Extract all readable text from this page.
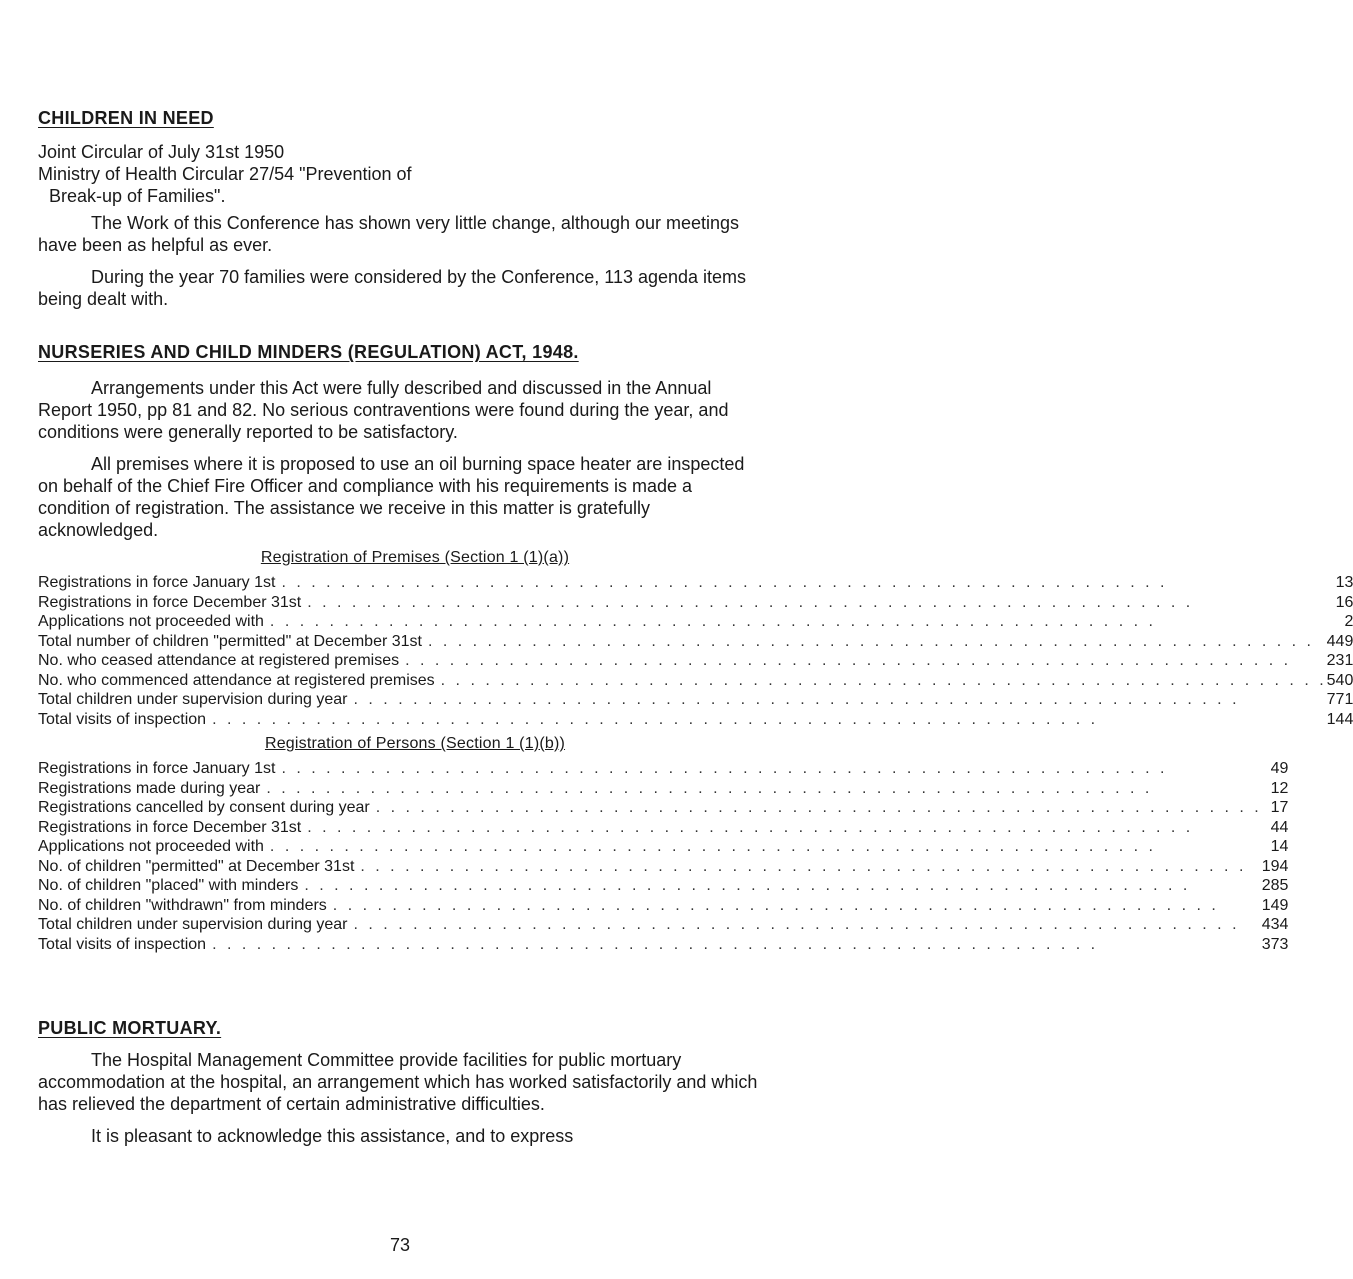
CHILDREN IN NEED
Joint Circular of July 31st 1950
Ministry of Health Circular 27/54 "Prevention of
Break-up of Families".

The Work of this Conference has shown very little change, although our meetings have been as helpful as ever.

During the year 70 families were considered by the Conference, 113 agenda items being dealt with.

NURSERIES AND CHILD MINDERS (REGULATION) ACT, 1948.

Arrangements under this Act were fully described and discussed in the Annual Report 1950, pp 81 and 82. No serious contraventions were found during the year, and conditions were generally reported to be satisfactory.

All premises where it is proposed to use an oil burning space heater are inspected on behalf of the Chief Fire Officer and compliance with his requirements is made a condition of registration. The assistance we receive in this matter is gratefully acknowledged.

Registration of Premises (Section 1 (1)(a))
Registrations in force January 1st . . . . . . . . . . . . . . . . . . . . . . . . . . . . . . . . . . . . . . . . . . . . . . . . . . . . . . . . . . . .	13
Registrations in force December 31st . . . . . . . . . . . . . . . . . . . . . . . . . . . . . . . . . . . . . . . . . . . . . . . . . . . . . . . . . . . .	16
Applications not proceeded with . . . . . . . . . . . . . . . . . . . . . . . . . . . . . . . . . . . . . . . . . . . . . . . . . . . . . . . . . . . .	2
Total number of children "permitted" at December 31st . . . . . . . . . . . . . . . . . . . . . . . . . . . . . . . . . . . . . . . . . . . . . . . . . . . . . . . . . . . .	449
No. who ceased attendance at registered premises . . . . . . . . . . . . . . . . . . . . . . . . . . . . . . . . . . . . . . . . . . . . . . . . . . . . . . . . . . . .	231
No. who commenced attendance at registered premises . . . . . . . . . . . . . . . . . . . . . . . . . . . . . . . . . . . . . . . . . . . . . . . . . . . . . . . . . . . .	540
Total children under supervision during year . . . . . . . . . . . . . . . . . . . . . . . . . . . . . . . . . . . . . . . . . . . . . . . . . . . . . . . . . . . .	771
Total visits of inspection . . . . . . . . . . . . . . . . . . . . . . . . . . . . . . . . . . . . . . . . . . . . . . . . . . . . . . . . . . . .	144
Registration of Persons (Section 1 (1)(b))
Registrations in force January 1st . . . . . . . . . . . . . . . . . . . . . . . . . . . . . . . . . . . . . . . . . . . . . . . . . . . . . . . . . . . .	49
Registrations made during year . . . . . . . . . . . . . . . . . . . . . . . . . . . . . . . . . . . . . . . . . . . . . . . . . . . . . . . . . . . .	12
Registrations cancelled by consent during year . . . . . . . . . . . . . . . . . . . . . . . . . . . . . . . . . . . . . . . . . . . . . . . . . . . . . . . . . . . .	17
Registrations in force December 31st . . . . . . . . . . . . . . . . . . . . . . . . . . . . . . . . . . . . . . . . . . . . . . . . . . . . . . . . . . . .	44
Applications not proceeded with . . . . . . . . . . . . . . . . . . . . . . . . . . . . . . . . . . . . . . . . . . . . . . . . . . . . . . . . . . . .	14
No. of children "permitted" at December 31st . . . . . . . . . . . . . . . . . . . . . . . . . . . . . . . . . . . . . . . . . . . . . . . . . . . . . . . . . . . .	194
No. of children "placed" with minders . . . . . . . . . . . . . . . . . . . . . . . . . . . . . . . . . . . . . . . . . . . . . . . . . . . . . . . . . . . .	285
No. of children "withdrawn" from minders . . . . . . . . . . . . . . . . . . . . . . . . . . . . . . . . . . . . . . . . . . . . . . . . . . . . . . . . . . . .	149
Total children under supervision during year . . . . . . . . . . . . . . . . . . . . . . . . . . . . . . . . . . . . . . . . . . . . . . . . . . . . . . . . . . . .	434
Total visits of inspection . . . . . . . . . . . . . . . . . . . . . . . . . . . . . . . . . . . . . . . . . . . . . . . . . . . . . . . . . . . .	373
PUBLIC MORTUARY.

The Hospital Management Committee provide facilities for public mortuary accommodation at the hospital, an arrangement which has worked satisfactorily and which has relieved the department of certain administrative difficulties.

It is pleasant to acknowledge this assistance, and to express

73
